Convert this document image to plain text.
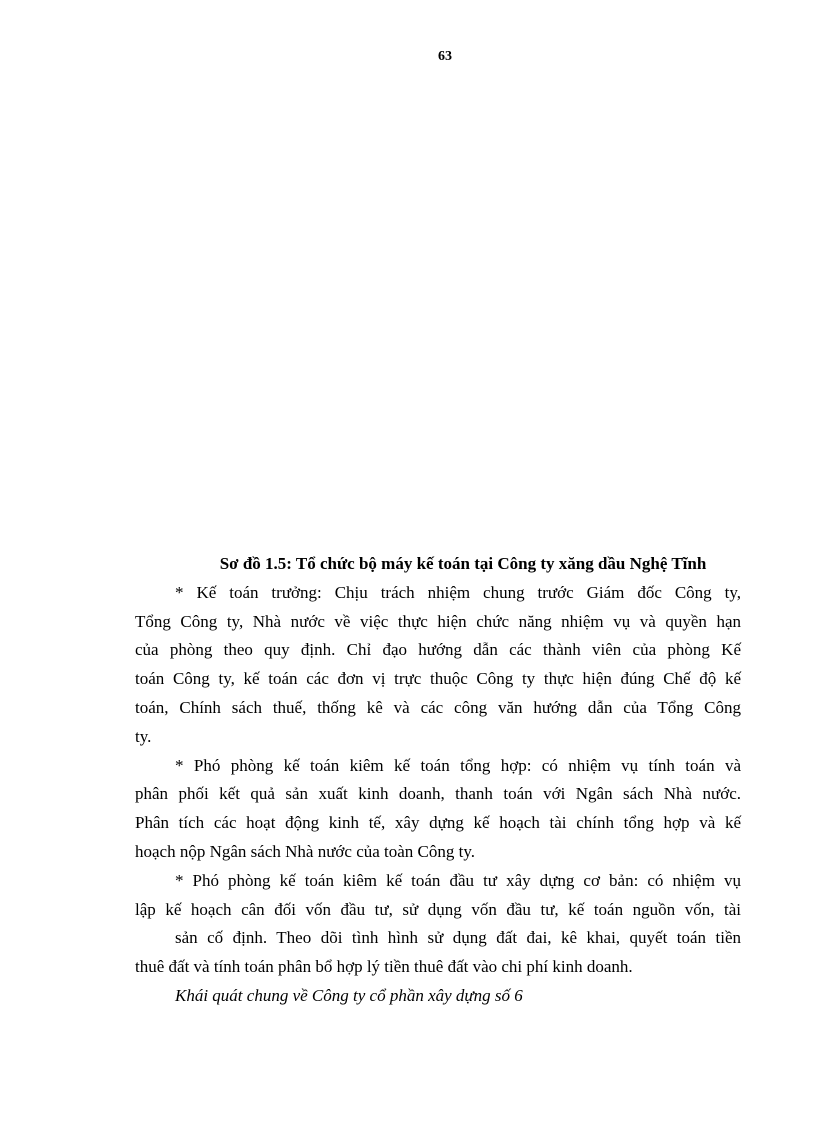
63
Sơ đồ 1.5: Tổ chức bộ máy kế toán tại Công ty xăng dầu Nghệ Tĩnh

* Kế toán trưởng: Chịu trách nhiệm chung trước Giám đốc Công ty,
Tổng Công ty, Nhà nước về việc thực hiện chức năng nhiệm vụ và quyền hạn
của phòng theo quy định. Chỉ đạo hướng dẫn các thành viên của phòng Kế
toán Công ty, kế toán các đơn vị trực thuộc Công ty thực hiện đúng Chế độ kế
toán, Chính sách thuế, thống kê và các công văn hướng dẫn của Tổng Công
ty.

* Phó phòng kế toán kiêm kế toán tổng hợp: có nhiệm vụ tính toán và
phân phối kết quả sản xuất kinh doanh, thanh toán với Ngân sách Nhà nước.
Phân tích các hoạt động kinh tế, xây dựng kế hoạch tài chính tổng hợp và kế
hoạch nộp Ngân sách Nhà nước của toàn Công ty.

* Phó phòng kế toán kiêm kế toán đầu tư xây dựng cơ bản: có nhiệm vụ
lập kế hoạch cân đối vốn đầu tư, sử dụng vốn đầu tư, kế toán nguồn vốn, tài
sản cố định. Theo dõi tình hình sử dụng đất đai, kê khai, quyết toán tiền
thuê đất và tính toán phân bổ hợp lý tiền thuê đất vào chi phí kinh doanh.

Khái quát chung về Công ty cổ phần xây dựng số 6
